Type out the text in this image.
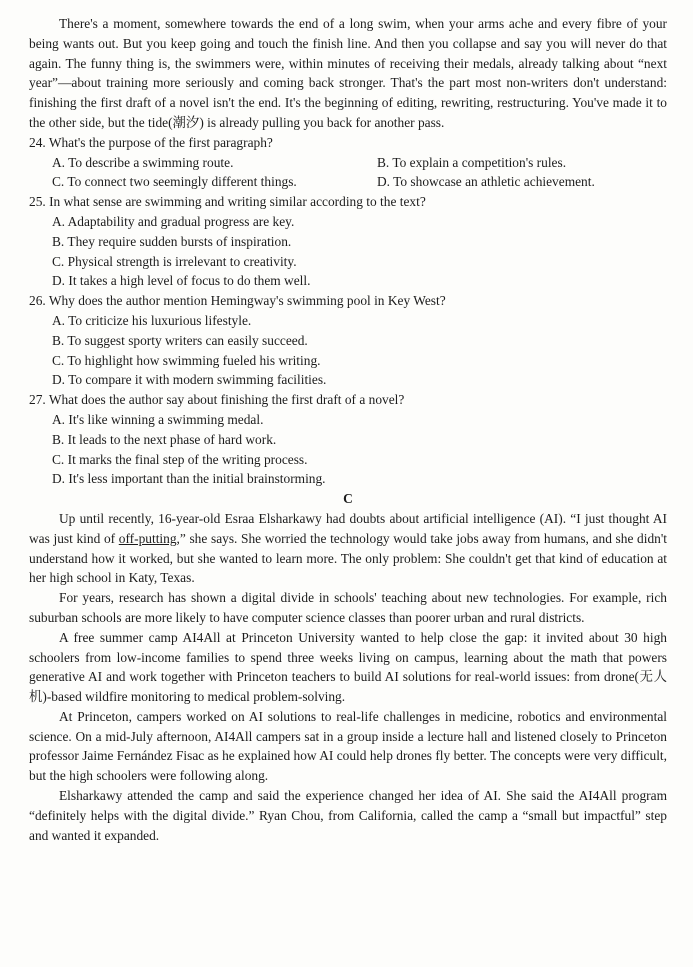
There's a moment, somewhere towards the end of a long swim, when your arms ache and every fibre of your being wants out. But you keep going and touch the finish line. And then you collapse and say you will never do that again. The funny thing is, the swimmers were, within minutes of receiving their medals, already talking about “next year”—about training more seriously and coming back stronger. That's the part most non-writers don't understand: finishing the first draft of a novel isn't the end. It's the beginning of editing, rewriting, restructuring. You've made it to the other side, but the tide(潮汐) is already pulling you back for another pass.

24. What's the purpose of the first paragraph?
A. To describe a swimming route.	B. To explain a competition's rules.
C. To connect two seemingly different things.	D. To showcase an athletic achievement.
25. In what sense are swimming and writing similar according to the text?
A. Adaptability and gradual progress are key.
B. They require sudden bursts of inspiration.
C. Physical strength is irrelevant to creativity.
D. It takes a high level of focus to do them well.
26. Why does the author mention Hemingway's swimming pool in Key West?
A. To criticize his luxurious lifestyle.
B. To suggest sporty writers can easily succeed.
C. To highlight how swimming fueled his writing.
D. To compare it with modern swimming facilities.
27. What does the author say about finishing the first draft of a novel?
A. It's like winning a swimming medal.
B. It leads to the next phase of hard work.
C. It marks the final step of the writing process.
D. It's less important than the initial brainstorming.
C

Up until recently, 16-year-old Esraa Elsharkawy had doubts about artificial intelligence (AI). “I just thought AI was just kind of off-putting,” she says. She worried the technology would take jobs away from humans, and she didn't understand how it worked, but she wanted to learn more. The only problem: She couldn't get that kind of education at her high school in Katy, Texas.

For years, research has shown a digital divide in schools' teaching about new technologies. For example, rich suburban schools are more likely to have computer science classes than poorer urban and rural districts.

A free summer camp AI4All at Princeton University wanted to help close the gap: it invited about 30 high schoolers from low-income families to spend three weeks living on campus, learning about the math that powers generative AI and work together with Princeton teachers to build AI solutions for real-world issues: from drone(无人机)-based wildfire monitoring to medical problem-solving.

At Princeton, campers worked on AI solutions to real-life challenges in medicine, robotics and environmental science. On a mid-July afternoon, AI4All campers sat in a group inside a lecture hall and listened closely to Princeton professor Jaime Fernández Fisac as he explained how AI could help drones fly better. The concepts were very difficult, but the high schoolers were following along.

Elsharkawy attended the camp and said the experience changed her idea of AI. She said the AI4All program “definitely helps with the digital divide.” Ryan Chou, from California, called the camp a “small but impactful” step and wanted it expanded.
